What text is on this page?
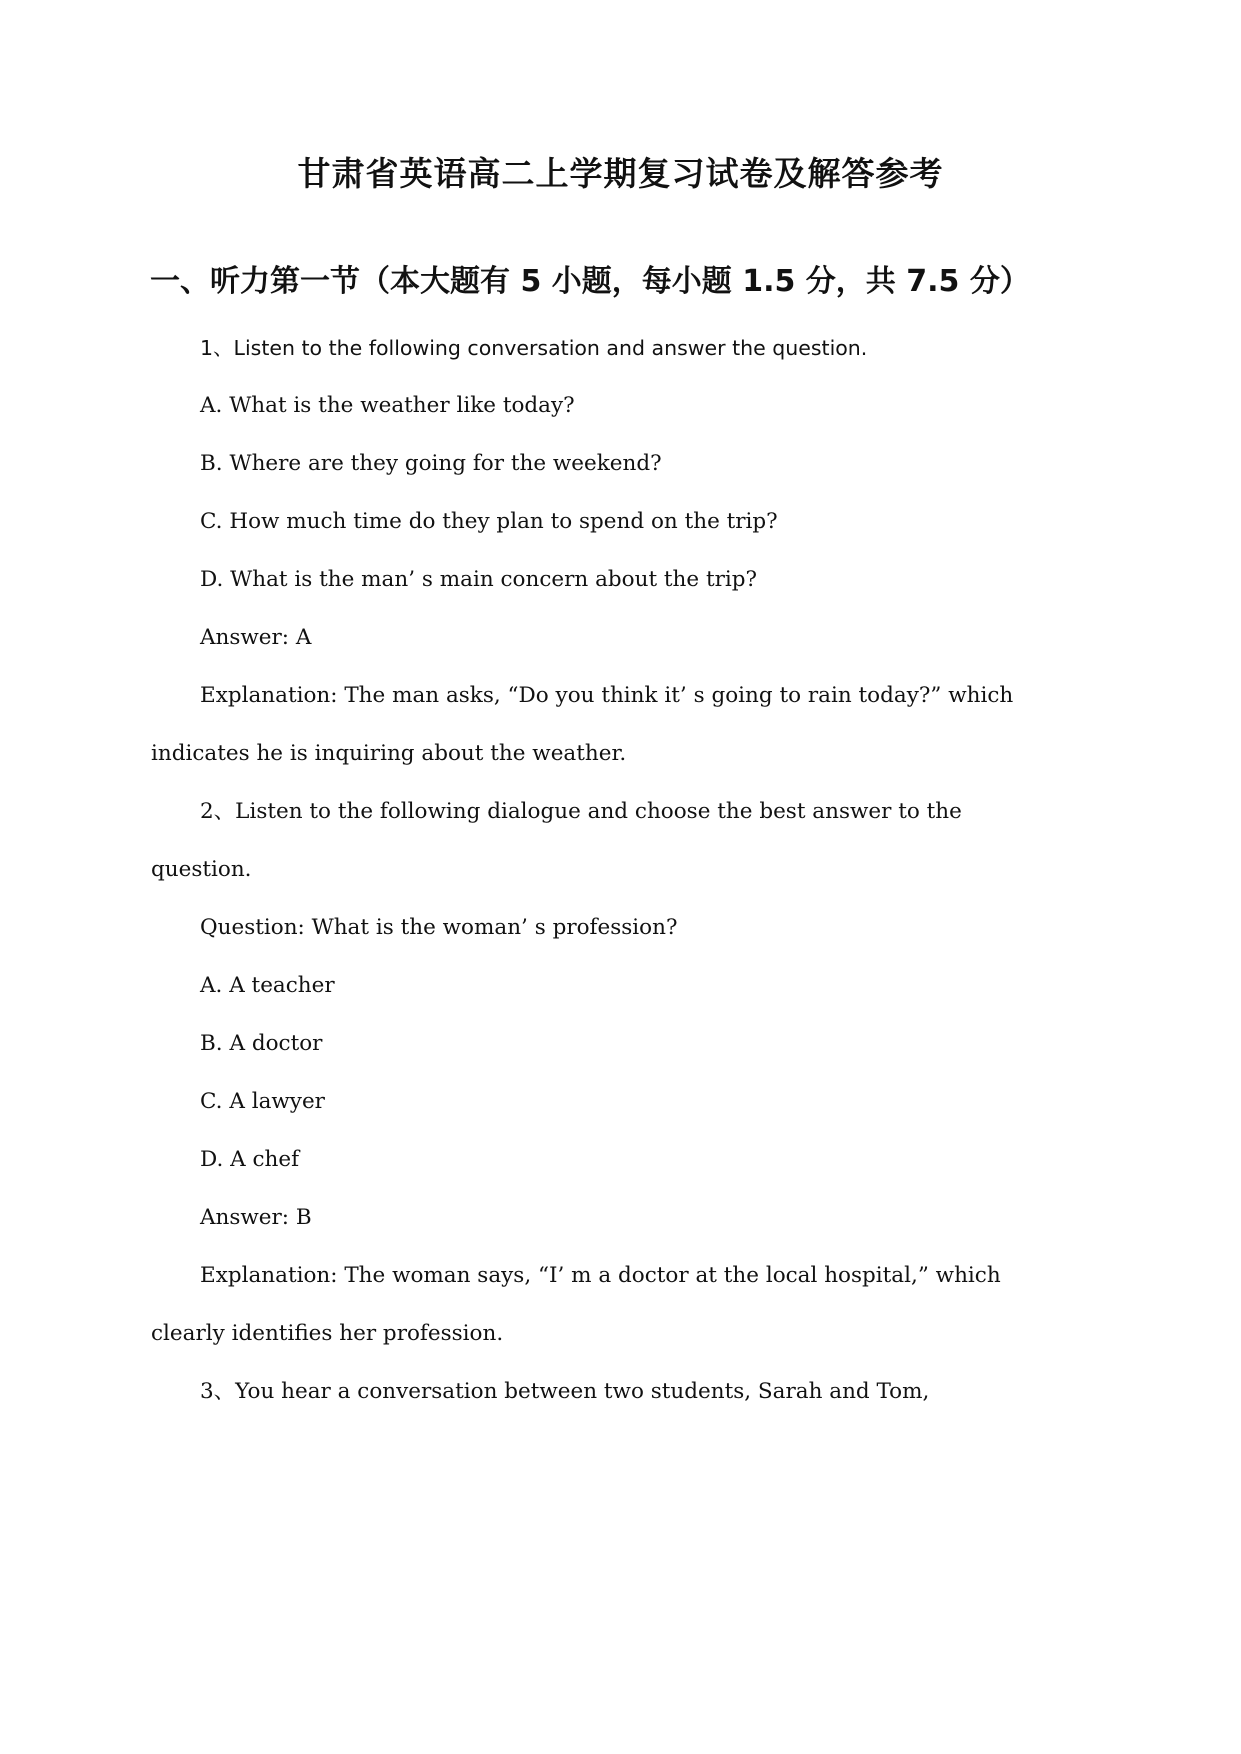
甘肃省英语高二上学期复习试卷及解答参考
一、听力第一节（本大题有 5 小题，每小题 1.5 分，共 7.5 分）
1、Listen to the following conversation and answer the question.
A. What is the weather like today?
B. Where are they going for the weekend?
C. How much time do they plan to spend on the trip?
D. What is the man’ s main concern about the trip?
Answer: A
Explanation: The man asks, “Do you think it’ s going to rain today?” which
indicates he is inquiring about the weather.
2、Listen to the following dialogue and choose the best answer to the
question.
Question: What is the woman’ s profession?
A. A teacher
B. A doctor
C. A lawyer
D. A chef
Answer: B
Explanation: The woman says, “I’ m a doctor at the local hospital,” which
clearly identifies her profession.
3、You hear a conversation between two students, Sarah and Tom,
